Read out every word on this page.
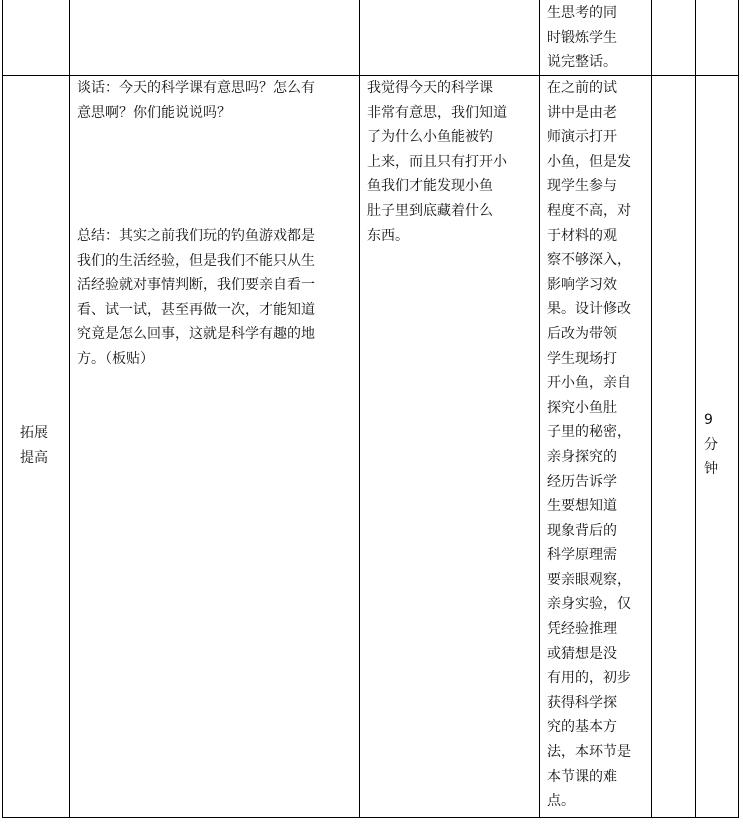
生思考的同
时锻炼学生
说完整话。
拓展
提高
谈话：今天的科学课有意思吗？怎么有
意思啊？你们能说说吗？
总结：其实之前我们玩的钓鱼游戏都是
我们的生活经验，但是我们不能只从生
活经验就对事情判断，我们要亲自看一
看、试一试，甚至再做一次，才能知道
究竟是怎么回事，这就是科学有趣的地
方。（板贴）
我觉得今天的科学课
非常有意思，我们知道
了为什么小鱼能被钓
上来，而且只有打开小
鱼我们才能发现小鱼
肚子里到底藏着什么
东西。
在之前的试
讲中是由老
师演示打开
小鱼，但是发
现学生参与
程度不高，对
于材料的观
察不够深入，
影响学习效
果。设计修改
后改为带领
学生现场打
开小鱼，亲自
探究小鱼肚
子里的秘密，
亲身探究的
经历告诉学
生要想知道
现象背后的
科学原理需
要亲眼观察，
亲身实验，仅
凭经验推理
或猜想是没
有用的，初步
获得科学探
究的基本方
法，本环节是
本节课的难
点。
9
分
钟
